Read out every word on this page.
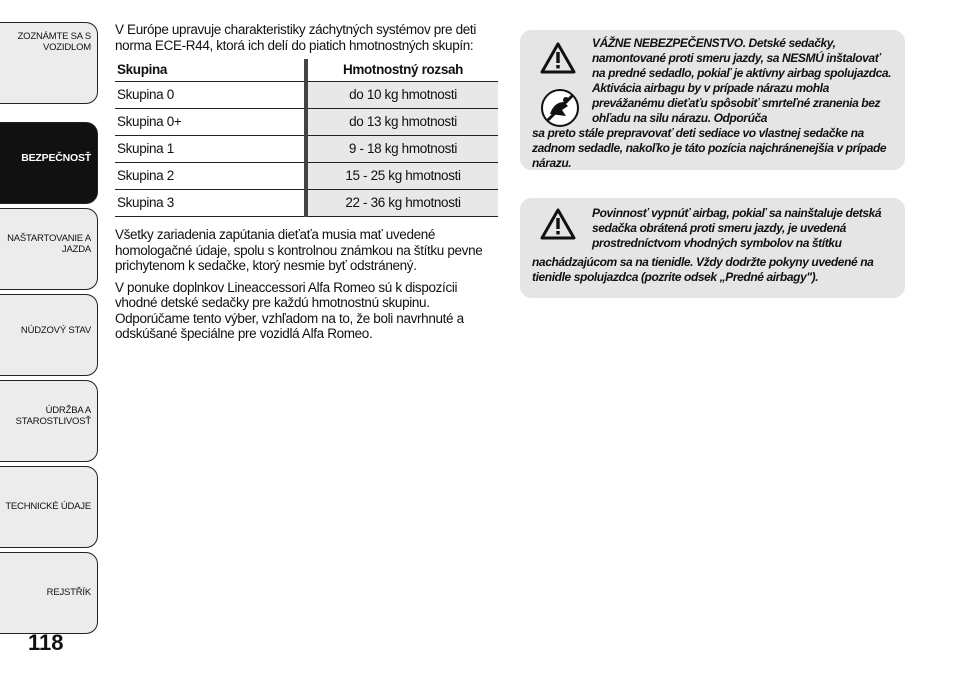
ZOZNÁMTE SA S
VOZIDLOM
BEZPEČNOSŤ
NAŠTARTOVANIE A
JAZDA
NÚDZOVÝ STAV
ÚDRŽBA A
STAROSTLIVOSŤ
TECHNICKÉ ÚDAJE
REJSTŘÍK
118

V Európe upravuje charakteristiky záchytných systémov pre deti norma ECE-R44, ktorá ich delí do piatich hmotnostných skupín:

Skupina	Hmotnostný rozsah
Skupina 0	do 10 kg hmotnosti
Skupina 0+	do 13 kg hmotnosti
Skupina 1	9 - 18 kg hmotnosti
Skupina 2	15 - 25 kg hmotnosti
Skupina 3	22 - 36 kg hmotnosti

Všetky zariadenia zapútania dieťaťa musia mať uvedené homologačné údaje, spolu s kontrolnou známkou na štítku pevne prichytenom k sedačke, ktorý nesmie byť odstránený.

V ponuke doplnkov Lineaccessori Alfa Romeo sú k dispozícii vhodné detské sedačky pre každú hmotnostnú skupinu. Odporúčame tento výber, vzhľadom na to, že boli navrhnuté a odskúšané špeciálne pre vozidlá Alfa Romeo.

VÁŽNE NEBEZPEČENSTVO. Detské sedačky, namontované proti smeru jazdy, sa NESMÚ inštalovať na predné sedadlo, pokiaľ je aktívny airbag spolujazdca. Aktivácia airbagu by v prípade nárazu mohla prevážanému dieťaťu spôsobiť smrteľné zranenia bez ohľadu na silu nárazu. Odporúča
sa preto stále prepravovať deti sediace vo vlastnej sedačke na zadnom sedadle, nakoľko je táto pozícia najchránenejšia v prípade nárazu.
Povinnosť vypnúť airbag, pokiaľ sa nainštaluje detská sedačka obrátená proti smeru jazdy, je uvedená prostredníctvom vhodných symbolov na štítku
nachádzajúcom sa na tienidle. Vždy dodržte pokyny uvedené na tienidle spolujazdca (pozrite odsek „Predné airbagy").
